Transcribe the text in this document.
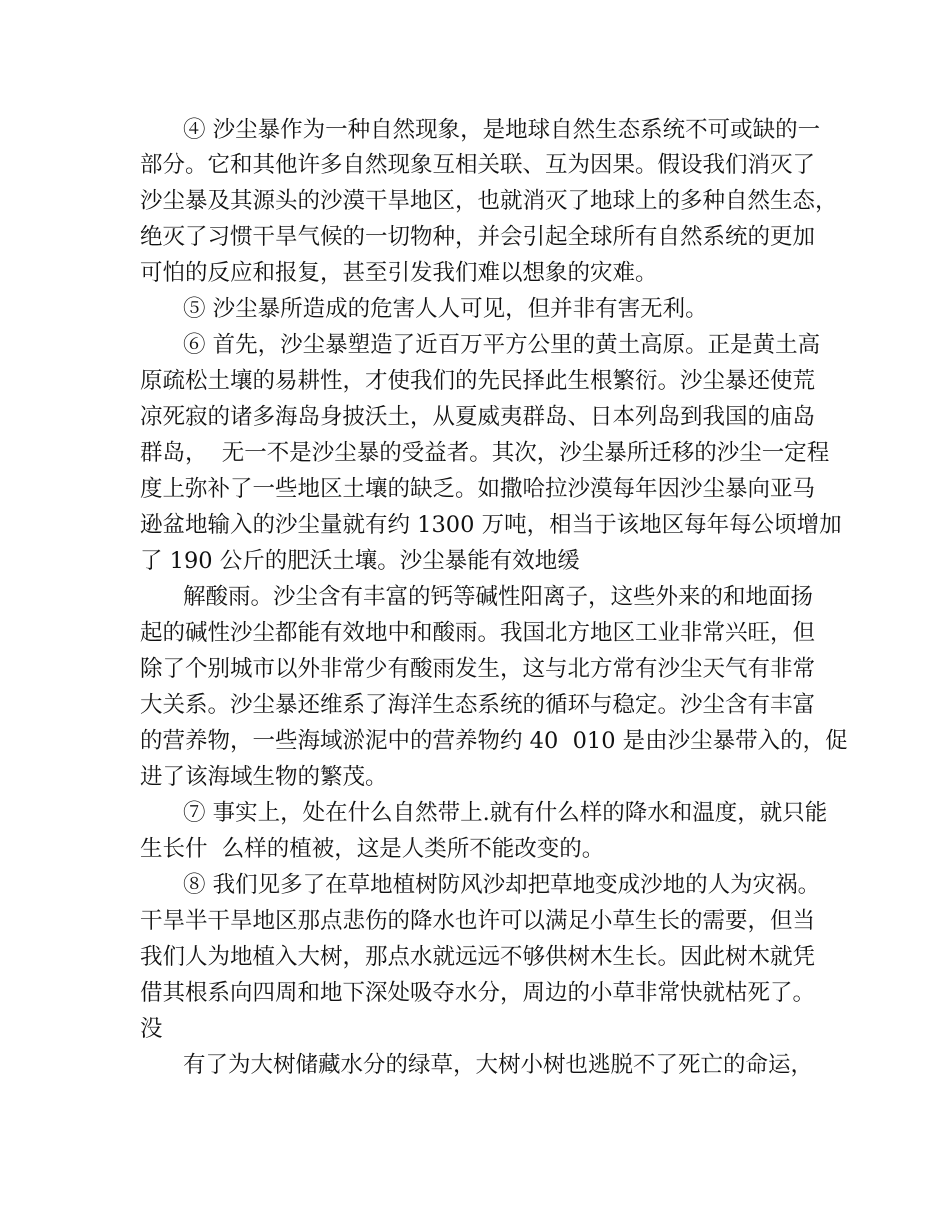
④ 沙尘暴作为一种自然现象，是地球自然生态系统不可或缺的一
部分。它和其他许多自然现象互相关联、互为因果。假设我们消灭了
沙尘暴及其源头的沙漠干旱地区，也就消灭了地球上的多种自然生态，
绝灭了习惯干旱气候的一切物种，并会引起全球所有自然系统的更加
可怕的反应和报复，甚至引发我们难以想象的灾难。
⑤ 沙尘暴所造成的危害人人可见，但并非有害无利。
⑥ 首先，沙尘暴塑造了近百万平方公里的黄土高原。正是黄土高
原疏松土壤的易耕性，才使我们的先民择此生根繁衍。沙尘暴还使荒
凉死寂的诸多海岛身披沃土，从夏威夷群岛、日本列岛到我国的庙岛
群岛，  无一不是沙尘暴的受益者。其次，沙尘暴所迁移的沙尘一定程
度上弥补了一些地区土壤的缺乏。如撒哈拉沙漠每年因沙尘暴向亚马
逊盆地输入的沙尘量就有约 1300 万吨，相当于该地区每年每公顷增加
了 190 公斤的肥沃土壤。沙尘暴能有效地缓
解酸雨。沙尘含有丰富的钙等碱性阳离子，这些外来的和地面扬
起的碱性沙尘都能有效地中和酸雨。我国北方地区工业非常兴旺，但
除了个别城市以外非常少有酸雨发生，这与北方常有沙尘天气有非常
大关系。沙尘暴还维系了海洋生态系统的循环与稳定。沙尘含有丰富
的营养物，一些海域淤泥中的营养物约 40  010 是由沙尘暴带入的，促
进了该海域生物的繁茂。
⑦ 事实上，处在什么自然带上.就有什么样的降水和温度，就只能
生长什  么样的植被，这是人类所不能改变的。
⑧ 我们见多了在草地植树防风沙却把草地变成沙地的人为灾祸。
干旱半干旱地区那点悲伤的降水也许可以满足小草生长的需要，但当
我们人为地植入大树，那点水就远远不够供树木生长。因此树木就凭
借其根系向四周和地下深处吸夺水分，周边的小草非常快就枯死了。
没
有了为大树储藏水分的绿草，大树小树也逃脱不了死亡的命运，
